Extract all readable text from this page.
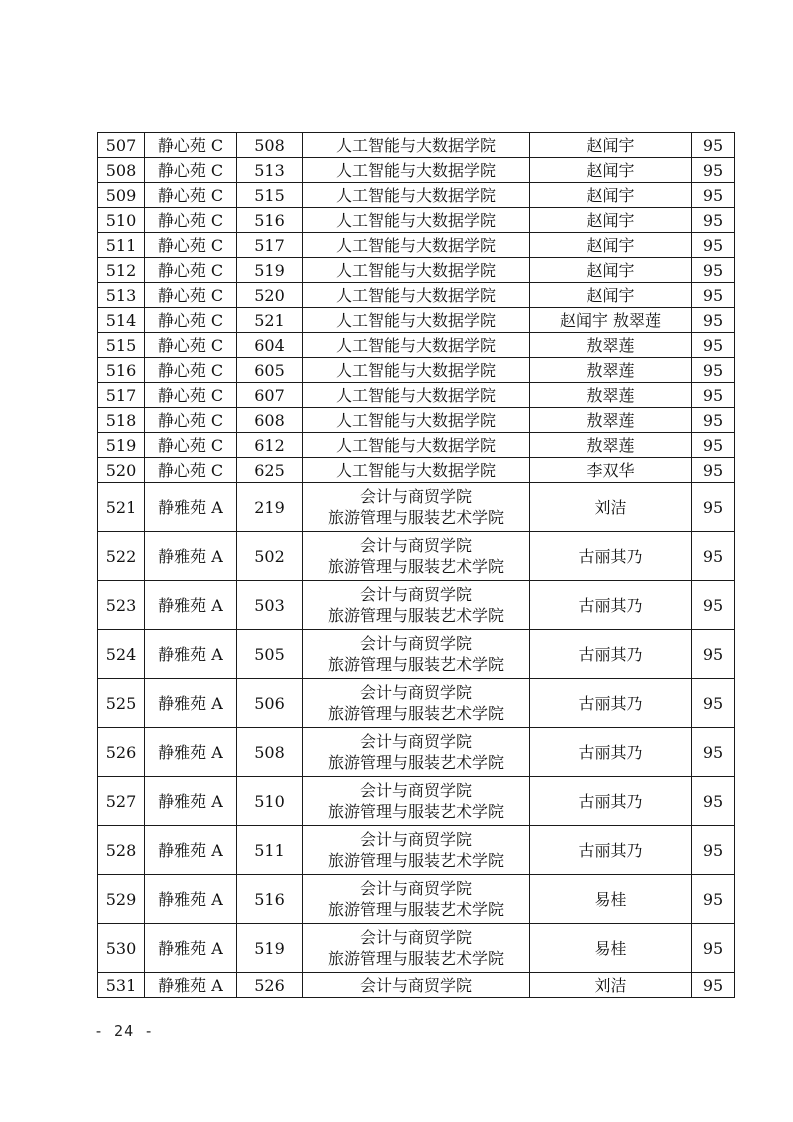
507	静心苑 C	508	人工智能与大数据学院	赵闻宇	95
508	静心苑 C	513	人工智能与大数据学院	赵闻宇	95
509	静心苑 C	515	人工智能与大数据学院	赵闻宇	95
510	静心苑 C	516	人工智能与大数据学院	赵闻宇	95
511	静心苑 C	517	人工智能与大数据学院	赵闻宇	95
512	静心苑 C	519	人工智能与大数据学院	赵闻宇	95
513	静心苑 C	520	人工智能与大数据学院	赵闻宇	95
514	静心苑 C	521	人工智能与大数据学院	赵闻宇 敖翠莲	95
515	静心苑 C	604	人工智能与大数据学院	敖翠莲	95
516	静心苑 C	605	人工智能与大数据学院	敖翠莲	95
517	静心苑 C	607	人工智能与大数据学院	敖翠莲	95
518	静心苑 C	608	人工智能与大数据学院	敖翠莲	95
519	静心苑 C	612	人工智能与大数据学院	敖翠莲	95
520	静心苑 C	625	人工智能与大数据学院	李双华	95
521	静雅苑 A	219	会计与商贸学院
旅游管理与服装艺术学院	刘洁	95
522	静雅苑 A	502	会计与商贸学院
旅游管理与服装艺术学院	古丽其乃	95
523	静雅苑 A	503	会计与商贸学院
旅游管理与服装艺术学院	古丽其乃	95
524	静雅苑 A	505	会计与商贸学院
旅游管理与服装艺术学院	古丽其乃	95
525	静雅苑 A	506	会计与商贸学院
旅游管理与服装艺术学院	古丽其乃	95
526	静雅苑 A	508	会计与商贸学院
旅游管理与服装艺术学院	古丽其乃	95
527	静雅苑 A	510	会计与商贸学院
旅游管理与服装艺术学院	古丽其乃	95
528	静雅苑 A	511	会计与商贸学院
旅游管理与服装艺术学院	古丽其乃	95
529	静雅苑 A	516	会计与商贸学院
旅游管理与服装艺术学院	易桂	95
530	静雅苑 A	519	会计与商贸学院
旅游管理与服装艺术学院	易桂	95
531	静雅苑 A	526	会计与商贸学院	刘洁	95
- 24 -
